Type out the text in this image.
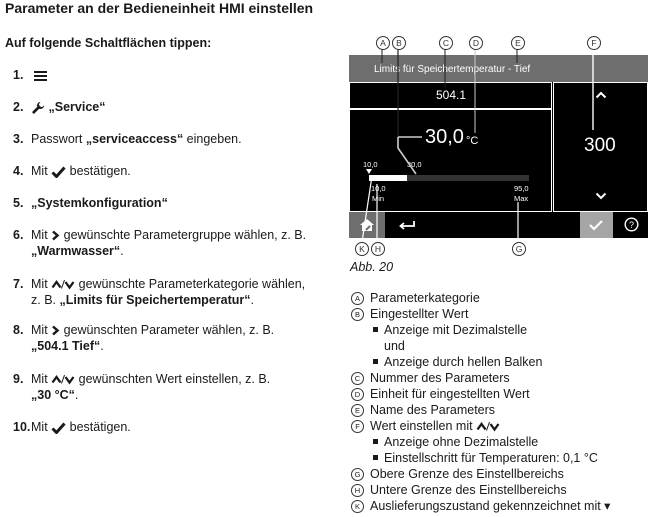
Parameter an der Bedieneinheit HMI einstellen
Auf folgende Schaltflächen tippen:
1.
2. „Service“
3. Passwort „serviceaccess“ eingeben.
4. Mit  bestätigen.
5. „Systemkonfiguration“
6. Mit  gewünschte Parametergruppe wählen, z. B.
„Warmwasser“.
7. Mit  gewünschte Parameterkategorie wählen,
z. B. „Limits für Speichertemperatur“.
8. Mit  gewünschten Parameter wählen, z. B.
„504.1 Tief“.
9. Mit  gewünschten Wert einstellen, z. B.
„30 °C“.
10.Mit  bestätigen.
Limits für Speichertemperatur - Tief
504.1
30,0 °C
10,0	30,0
10,0
Min
95,0
Max
300
?
A	B	C	D	E	F
K	H	G
Abb. 20
A Parameterkategorie
B Eingestellter Wert
Anzeige mit Dezimalstelle
und
Anzeige durch hellen Balken
C Nummer des Parameters
D Einheit für eingestellten Wert
E Name des Parameters
F Wert einstellen mit
Anzeige ohne Dezimalstelle
Einstellschritt für Temperaturen: 0,1 °C
G Obere Grenze des Einstellbereichs
H Untere Grenze des Einstellbereichs
K Auslieferungszustand gekennzeichnet mit ▾
